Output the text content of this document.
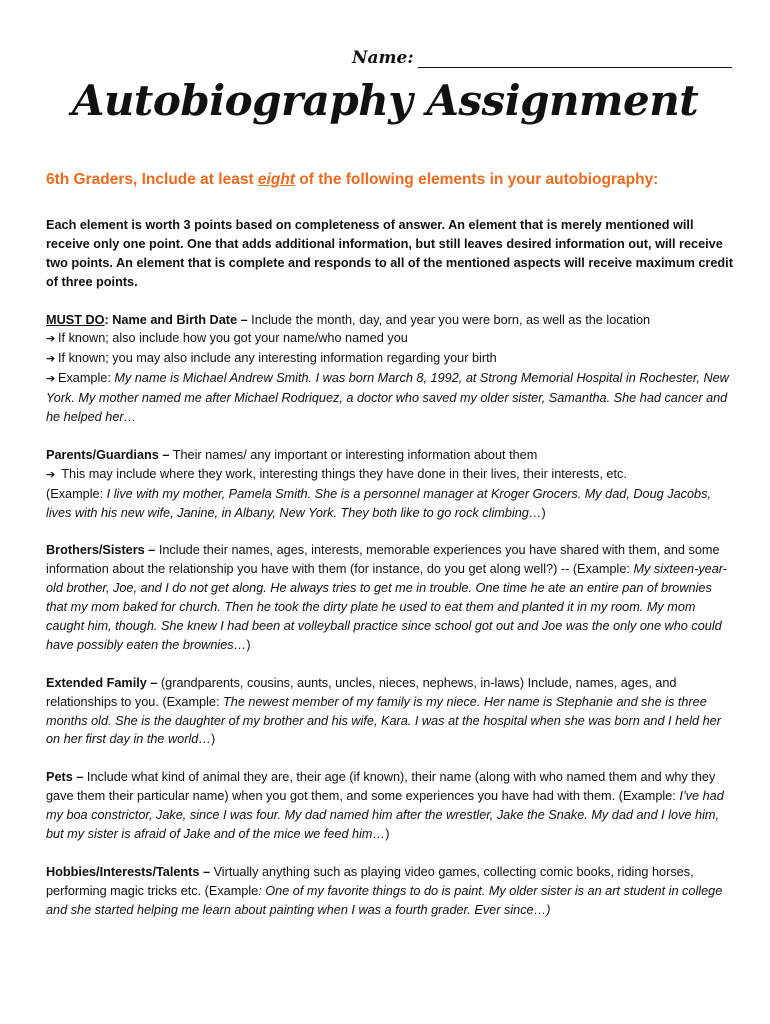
Name:
Autobiography Assignment
6th Graders, Include at least eight of the following elements in your autobiography:

Each element is worth 3 points based on completeness of answer. An element that is merely mentioned will receive only one point. One that adds additional information, but still leaves desired information out, will receive two points. An element that is complete and responds to all of the mentioned aspects will receive maximum credit of three points.

MUST DO: Name and Birth Date – Include the month, day, and year you were born, as well as the location

➔ If known; also include how you got your name/who named you

➔ If known; you may also include any interesting information regarding your birth

➔ Example: My name is Michael Andrew Smith. I was born March 8, 1992, at Strong Memorial Hospital in Rochester, New York. My mother named me after Michael Rodriquez, a doctor who saved my older sister, Samantha. She had cancer and he helped her…

Parents/Guardians – Their names/ any important or interesting information about them

➔ This may include where they work, interesting things they have done in their lives, their interests, etc.

(Example: I live with my mother, Pamela Smith. She is a personnel manager at Kroger Grocers. My dad, Doug Jacobs, lives with his new wife, Janine, in Albany, New York. They both like to go rock climbing…)

Brothers/Sisters – Include their names, ages, interests, memorable experiences you have shared with them, and some information about the relationship you have with them (for instance, do you get along well?) -- (Example: My sixteen-year-old brother, Joe, and I do not get along. He always tries to get me in trouble. One time he ate an entire pan of brownies that my mom baked for church. Then he took the dirty plate he used to eat them and planted it in my room. My mom caught him, though. She knew I had been at volleyball practice since school got out and Joe was the only one who could have possibly eaten the brownies…)

Extended Family – (grandparents, cousins, aunts, uncles, nieces, nephews, in-laws) Include, names, ages, and relationships to you. (Example: The newest member of my family is my niece. Her name is Stephanie and she is three months old. She is the daughter of my brother and his wife, Kara. I was at the hospital when she was born and I held her on her first day in the world…)

Pets – Include what kind of animal they are, their age (if known), their name (along with who named them and why they gave them their particular name) when you got them, and some experiences you have had with them. (Example: I’ve had my boa constrictor, Jake, since I was four. My dad named him after the wrestler, Jake the Snake. My dad and I love him, but my sister is afraid of Jake and of the mice we feed him…)

Hobbies/Interests/Talents – Virtually anything such as playing video games, collecting comic books, riding horses, performing magic tricks etc. (Example: One of my favorite things to do is paint. My older sister is an art student in college and she started helping me learn about painting when I was a fourth grader. Ever since…)
